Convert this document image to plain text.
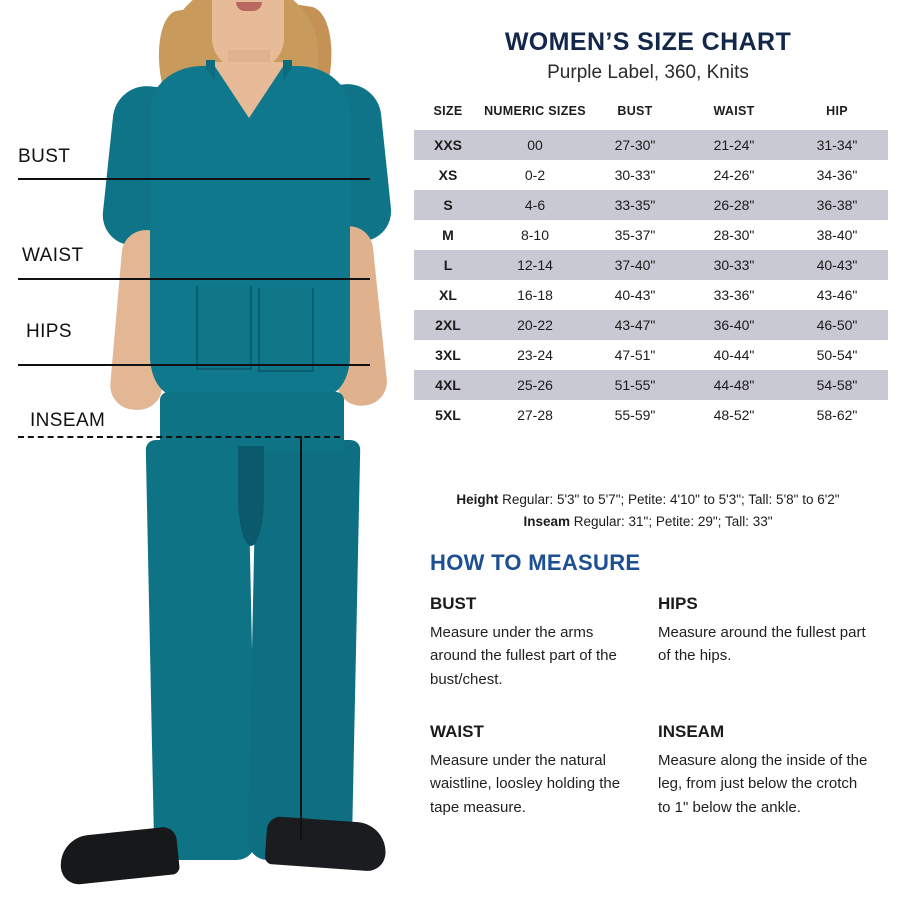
BUST
WAIST
HIPS
INSEAM
WOMEN’S SIZE CHART
Purple Label, 360, Knits
SIZE	NUMERIC SIZES	BUST	WAIST	HIP
XXS	00	27-30"	21-24"	31-34"
XS	0-2	30-33"	24-26"	34-36"
S	4-6	33-35"	26-28"	36-38"
M	8-10	35-37"	28-30"	38-40"
L	12-14	37-40"	30-33"	40-43"
XL	16-18	40-43"	33-36"	43-46"
2XL	20-22	43-47"	36-40"	46-50"
3XL	23-24	47-51"	40-44"	50-54"
4XL	25-26	51-55"	44-48"	54-58"
5XL	27-28	55-59"	48-52"	58-62"
Height Regular: 5'3" to 5'7"; Petite: 4'10" to 5'3"; Tall: 5'8" to 6'2"
Inseam Regular: 31"; Petite: 29"; Tall: 33"
HOW TO MEASURE
BUST

Measure under the arms around the fullest part of the bust/chest.

HIPS

Measure around the fullest part of the hips.

WAIST

Measure under the natural waistline, loosley holding the tape measure.

INSEAM

Measure along the inside of the leg, from just below the crotch to 1" below the ankle.
